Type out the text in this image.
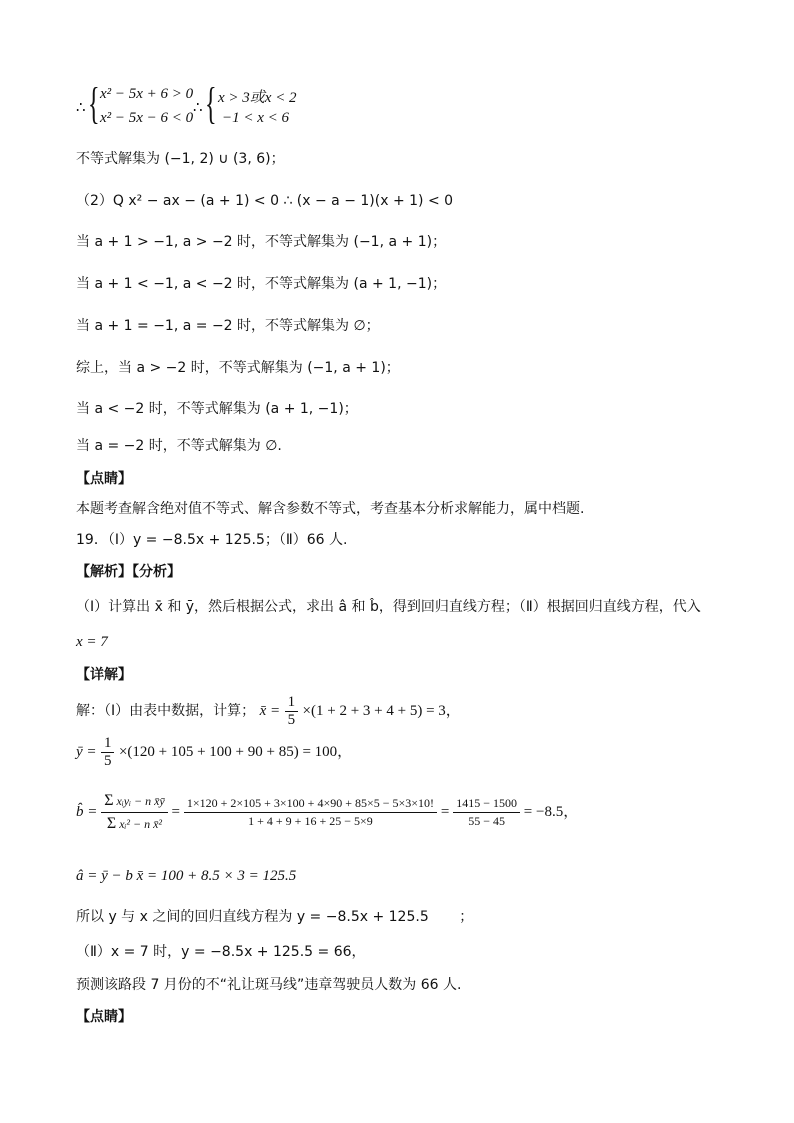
∴ { x² − 5x + 6 > 0
x² − 5x − 6 < 0
∴ { x > 3或x < 2
−1 < x < 6
不等式解集为 (−1, 2) ∪ (3, 6)；
（2）Q x² − ax − (a + 1) < 0 ∴ (x − a − 1)(x + 1) < 0
当 a + 1 > −1, a > −2 时，不等式解集为 (−1, a + 1)；
当 a + 1 < −1, a < −2 时，不等式解集为 (a + 1, −1)；
当 a + 1 = −1, a = −2 时，不等式解集为 ∅；
综上，当 a > −2 时，不等式解集为 (−1, a + 1)；
当 a < −2 时，不等式解集为 (a + 1, −1)；
当 a = −2 时，不等式解集为 ∅.
【点睛】
本题考查解含绝对值不等式、解含参数不等式，考查基本分析求解能力，属中档题.
19．（Ⅰ）y = −8.5x + 125.5；（Ⅱ）66 人.
【解析】【分析】
（Ⅰ）计算出 x̄ 和 ȳ，然后根据公式，求出 â 和 b̂，得到回归直线方程；（Ⅱ）根据回归直线方程，代入
x = 7
【详解】
解：（Ⅰ）由表中数据，计算； x̄ = $\frac{1}{5} \times(1 + 2 + 3 + 4 + 5) = 3$，
ȳ = $\frac{1}{5} \times(120 + 105 + 100 + 90 + 85) = 100$，
b̂ = $\frac{\text{Σ xᵢyᵢ − n x̄ȳ}}{\text{Σ xᵢ² − n x̄²}} = \frac{1\times 120 + 2\times 105 + 3\times 100 + 4\times 90 + 85\times 5 - 5\times 3\times 10!}{1 + 4 + 9 + 16 + 25 - 5\times 9} = \frac{1415 - 1500}{55 - 45} = -8.5$，
â = ȳ − b x̄ = 100 + 8.5 × 3 = 125.5
所以 y 与 x 之间的回归直线方程为 y = −8.5x + 125.5 ；
（Ⅱ）x = 7 时，y = −8.5x + 125.5 = 66，
预测该路段 7 月份的不“礼让斑马线”违章驾驶员人数为 66 人.
【点睛】
